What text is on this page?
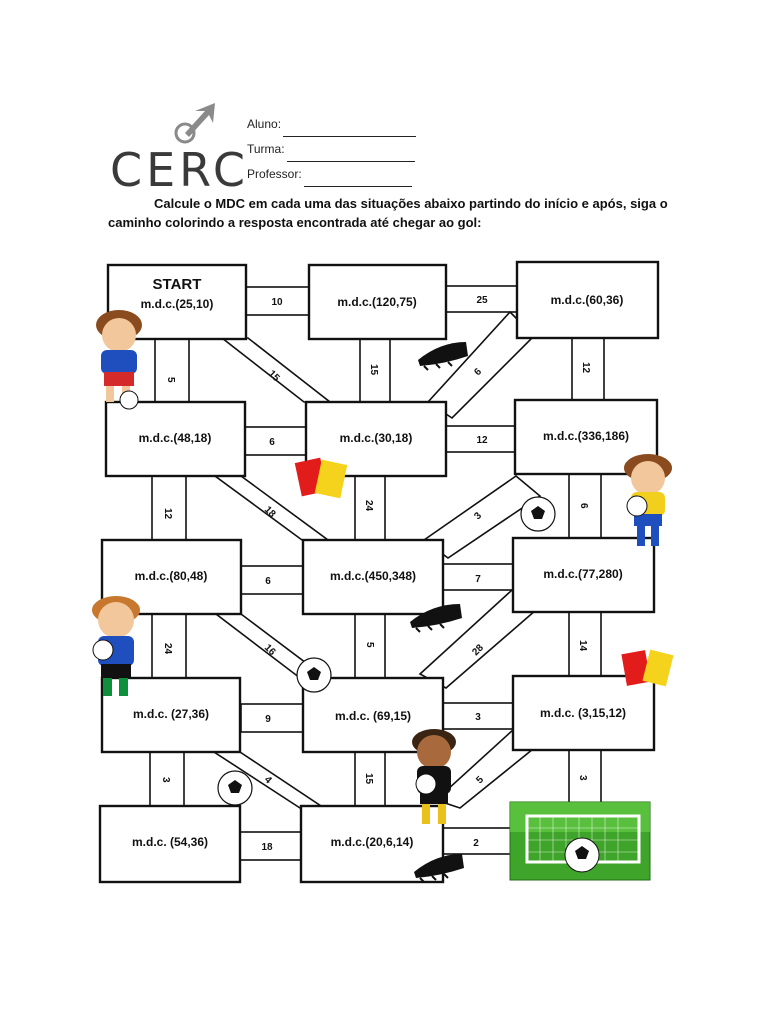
CERC
Aluno:
Turma:
Professor:
Calcule o MDC em cada uma das situações abaixo partindo do início e após, siga o caminho colorindo a resposta encontrada até chegar ao gol:
START
m.d.c.(25,10)	m.d.c.(120,75)	m.d.c.(60,36)
m.d.c.(48,18)	m.d.c.(30,18)	m.d.c.(336,186)
m.d.c.(80,48)	m.d.c.(450,348)	m.d.c.(77,280)
m.d.c. (27,36)	m.d.c. (69,15)	m.d.c. (3,15,12)
m.d.c. (54,36)	m.d.c.(20,6,14)
10	25
5	15	15	6	12
6	12
12	18	24
3
6
6	7
24	16	5	28	14
9	3
3	4	15	5	3
18	2
